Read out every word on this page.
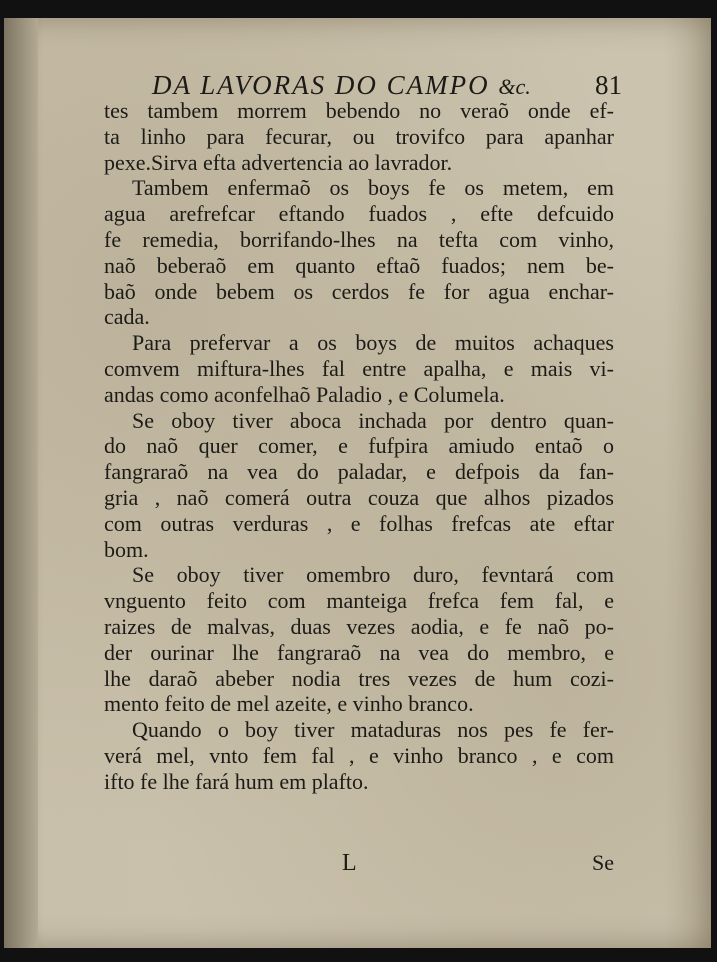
DA LAVORAS DO CAMPO &c. 81
tes tambem morrem bebendo no veraõ onde ef-
ta linho para fecurar, ou trovifco para apanhar
pexe.Sirva efta advertencia ao lavrador.
Tambem enfermaõ os boys fe os metem, em
agua arefrefcar eftando fuados , efte defcuido
fe remedia, borrifando-lhes na tefta com vinho,
naõ beberaõ em quanto eftaõ fuados; nem be-
baõ onde bebem os cerdos fe for agua enchar-
cada.
Para prefervar a os boys de muitos achaques
comvem miftura-lhes fal entre apalha, e mais vi-
andas como aconfelhaõ Paladio , e Columela.
Se oboy tiver aboca inchada por dentro quan-
do naõ quer comer, e fufpira amiudo entaõ o
fangraraõ na vea do paladar, e defpois da fan-
gria , naõ comerá outra couza que alhos pizados
com outras verduras , e folhas frefcas ate eftar
bom.
Se oboy tiver omembro duro, fevntará com
vnguento feito com manteiga frefca fem fal, e
raizes de malvas, duas vezes aodia, e fe naõ po-
der ourinar lhe fangraraõ na vea do membro, e
lhe daraõ abeber nodia tres vezes de hum cozi-
mento feito de mel azeite, e vinho branco.
Quando o boy tiver mataduras nos pes fe fer-
verá mel, vnto fem fal , e vinho branco , e com
ifto fe lhe fará hum em plafto.
L	Se
